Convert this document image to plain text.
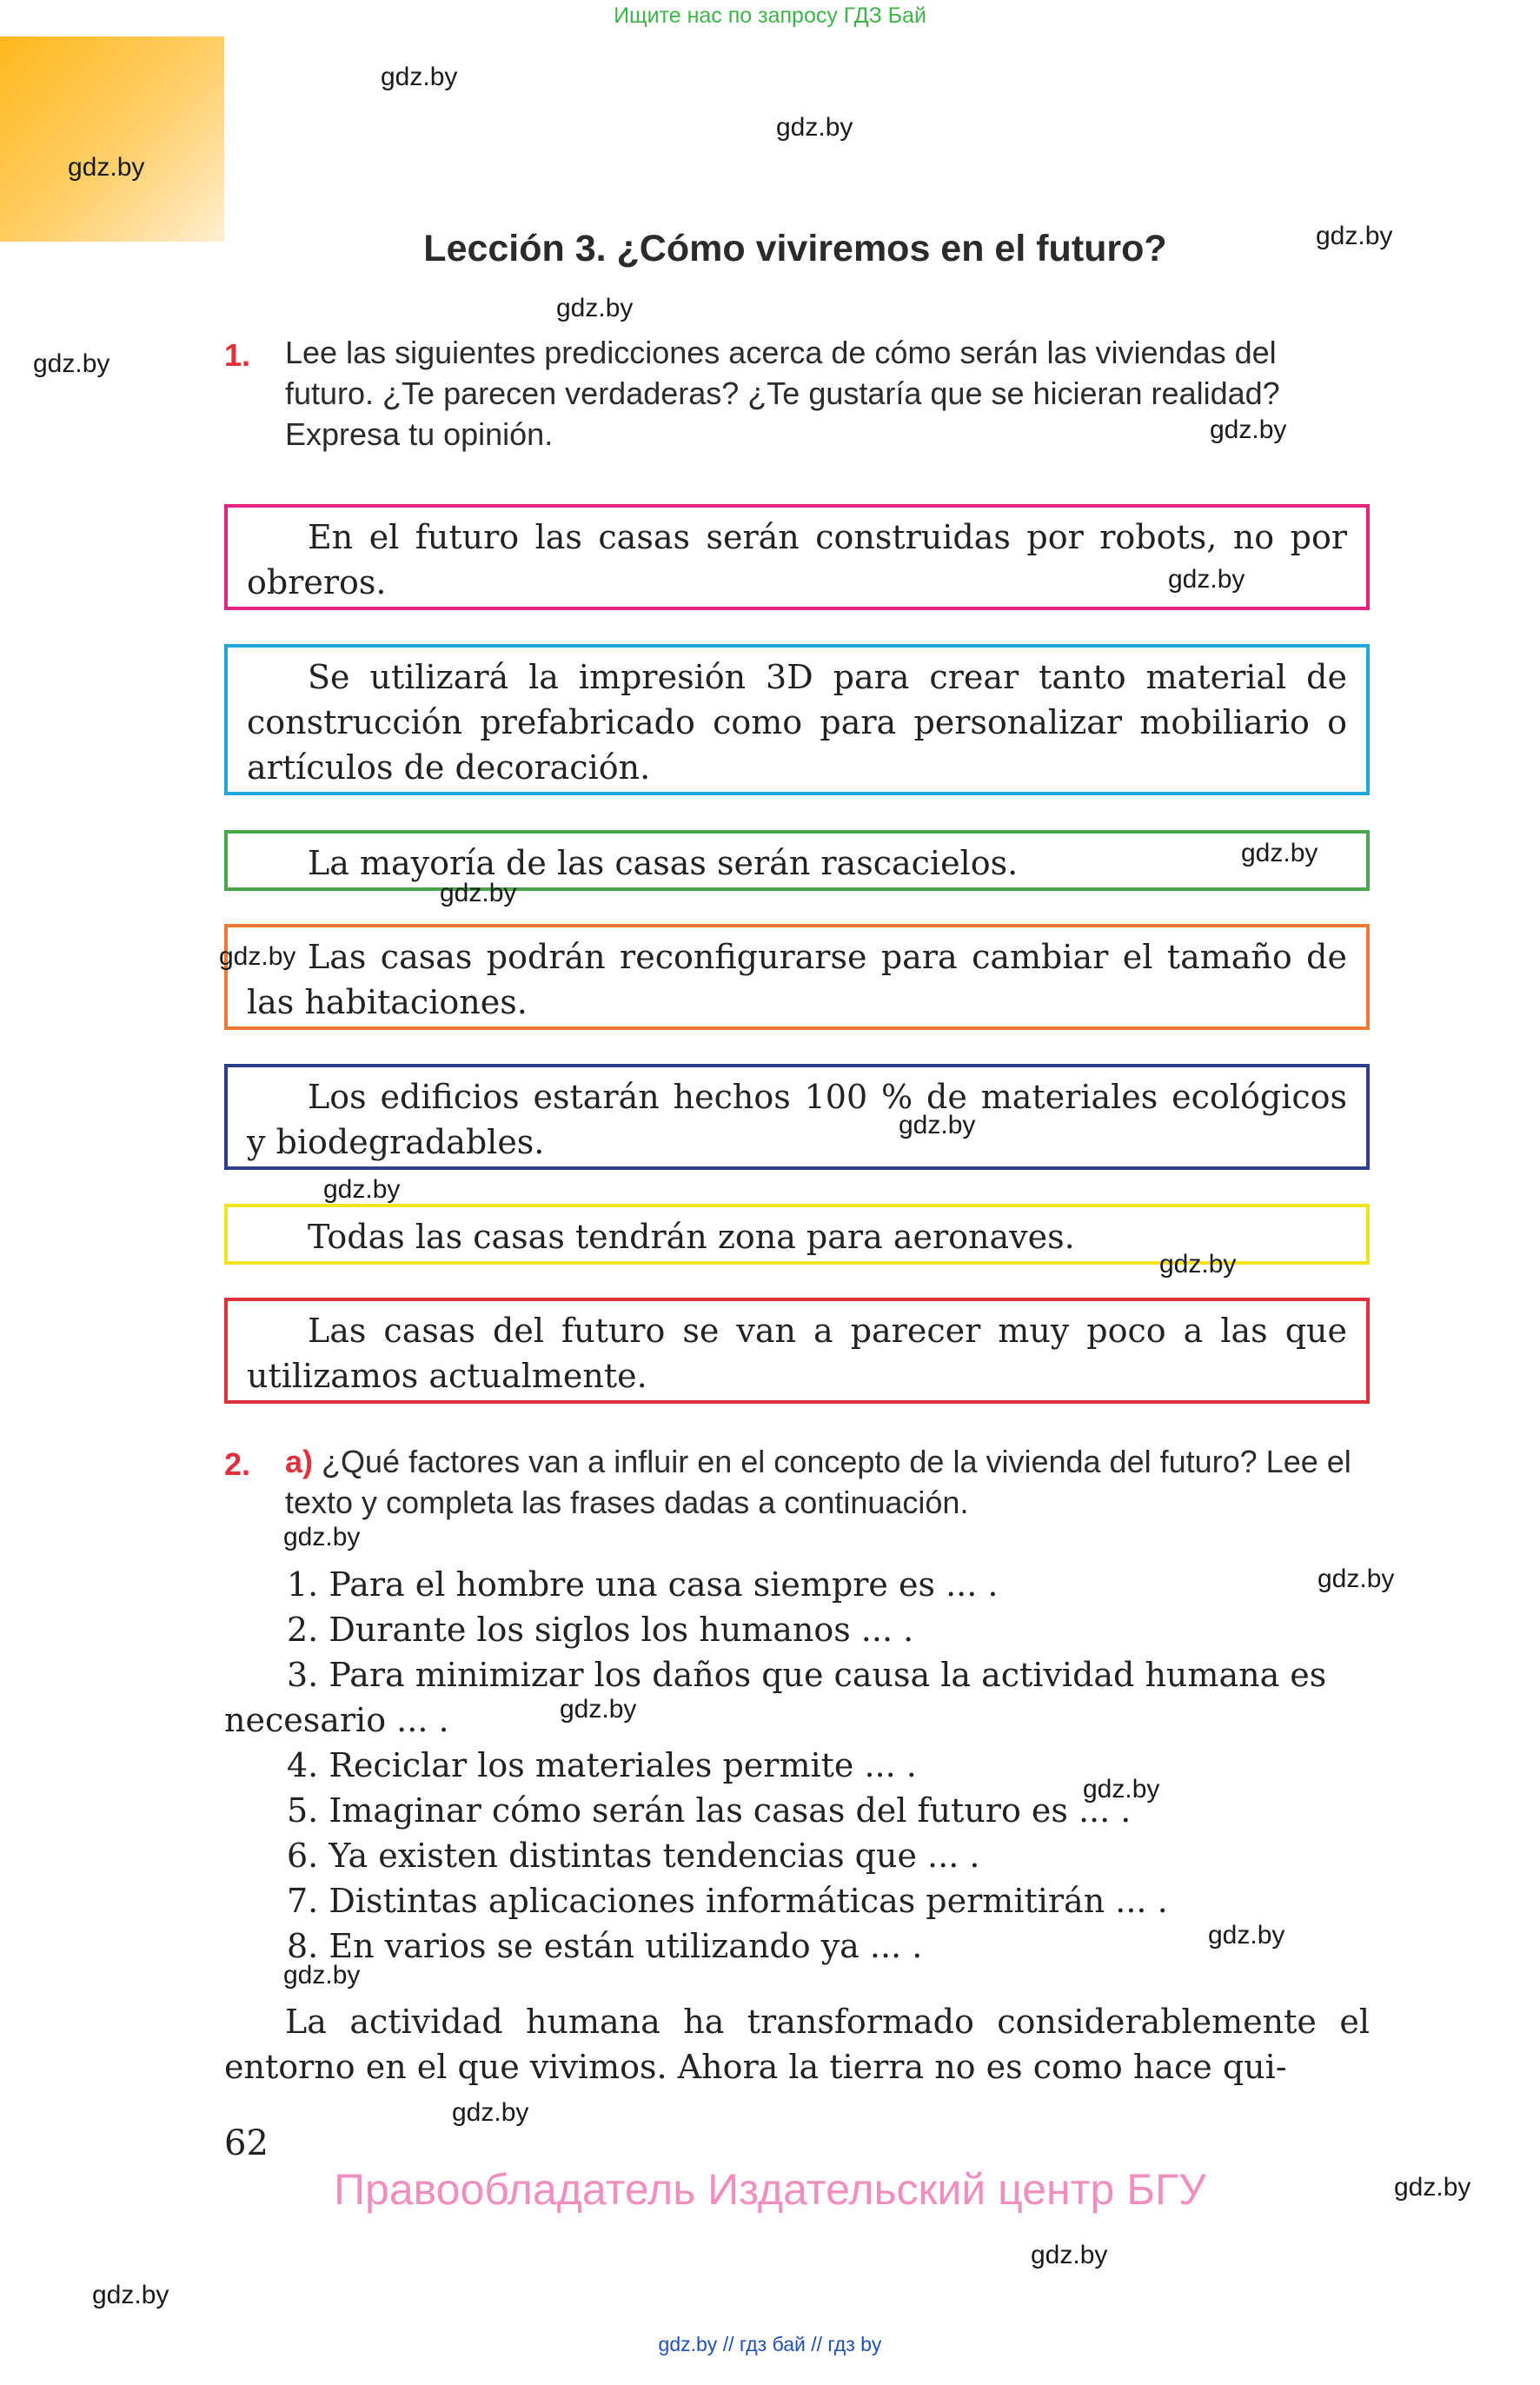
Ищите нас по запросу ГДЗ Бай
gdz.by
gdz.by
gdz.by
gdz.by
gdz.by
gdz.by
gdz.by
Lección 3. ¿Cómo viviremos en el futuro?
1. Lee las siguientes predicciones acerca de cómo serán las viviendas del futuro. ¿Te parecen verdaderas? ¿Te gustaría que se hicieran realidad? Expresa tu opinión.
En el futuro las casas serán construidas por robots, no por obreros.
Se utilizará la impresión 3D para crear tanto material de construcción prefabricado como para personalizar mobiliario o artículos de decoración.
La mayoría de las casas serán rascacielos.
Las casas podrán reconfigurarse para cambiar el tamaño de las habitaciones.
Los edificios estarán hechos 100 % de materiales ecológicos y biodegradables.
Todas las casas tendrán zona para aeronaves.
Las casas del futuro se van a parecer muy poco a las que utilizamos actualmente.
gdz.by
gdz.by
gdz.by
gdz.by
gdz.by
gdz.by
gdz.by
2. a) ¿Qué factores van a influir en el concepto de la vivienda del futuro? Lee el texto y completa las frases dadas a continuación.
1. Para el hombre una casa siempre es ... .
2. Durante los siglos los humanos ... .
3. Para minimizar los daños que causa la actividad humana es
necesario ... .
4. Reciclar los materiales permite ... .
5. Imaginar cómo serán las casas del futuro es ... .
6. Ya existen distintas tendencias que ... .
7. Distintas aplicaciones informáticas permitirán ... .
8. En varios se están utilizando ya ... .
La actividad humana ha transformado considerablemente el entorno en el que vivimos. Ahora la tierra no es como hace qui-
gdz.by
gdz.by
gdz.by
gdz.by
gdz.by
gdz.by
gdz.by
gdz.by
gdz.by
gdz.by
62
Правообладатель Издательский центр БГУ
gdz.by // гдз бай // гдз by
